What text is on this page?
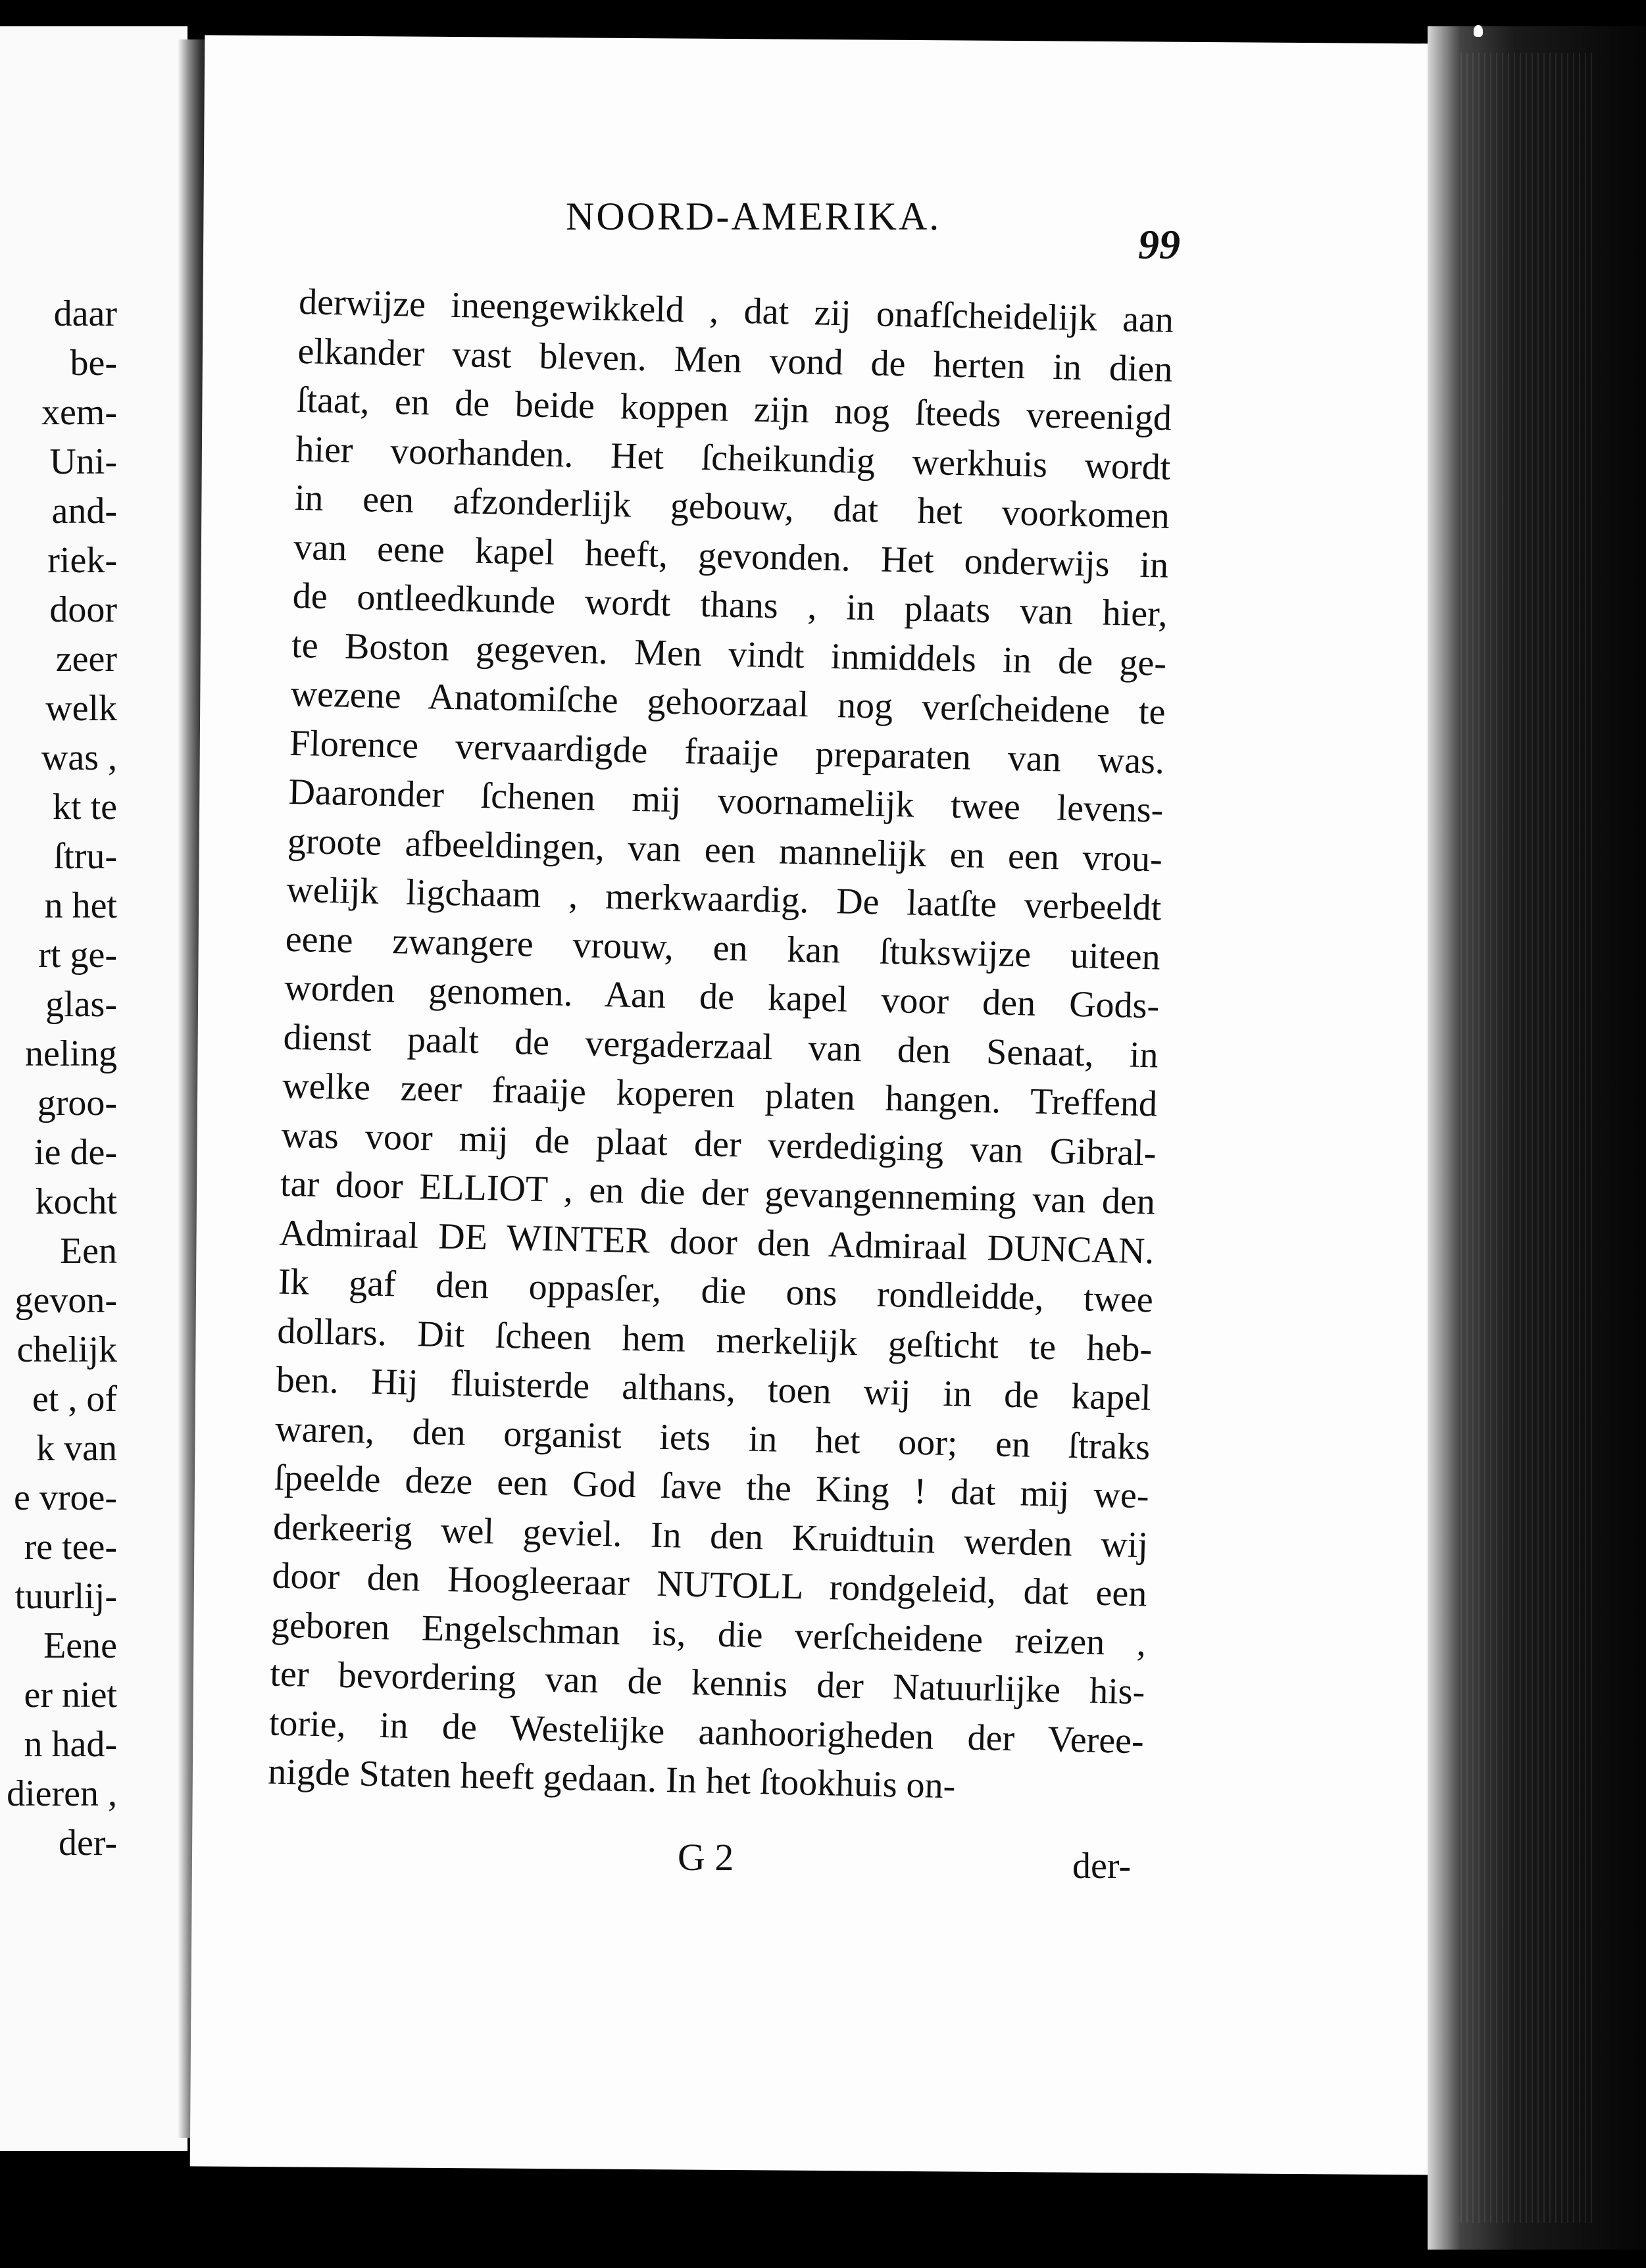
daar
be-
xem-
Uni-
and-
riek-
door
zeer
welk
was ,
kt te
ſtru-
n het
rt ge-
glas-
neling
groo-
ie de-
kocht
Een
gevon-
chelijk
et , of
k van
e vroe-
re tee-
tuurlij-
Eene
er niet
n had-
dieren ,
der-
NOORD-AMERIKA.
99
derwijze ineengewikkeld , dat zij onafſcheidelijk aan
elkander vast bleven. Men vond de herten in dien
ſtaat, en de beide koppen zijn nog ſteeds vereenigd
hier voorhanden. Het ſcheikundig werkhuis wordt
in een afzonderlijk gebouw, dat het voorkomen
van eene kapel heeft, gevonden. Het onderwijs in
de ontleedkunde wordt thans , in plaats van hier,
te Boston gegeven. Men vindt inmiddels in de ge-
wezene Anatomiſche gehoorzaal nog verſcheidene te
Florence vervaardigde fraaije preparaten van was.
Daaronder ſchenen mij voornamelijk twee levens-
groote afbeeldingen, van een mannelijk en een vrou-
welijk ligchaam , merkwaardig. De laatſte verbeeldt
eene zwangere vrouw, en kan ſtukswijze uiteen
worden genomen. Aan de kapel voor den Gods-
dienst paalt de vergaderzaal van den Senaat, in
welke zeer fraaije koperen platen hangen. Treffend
was voor mij de plaat der verdediging van Gibral-
tar door ELLIOT , en die der gevangenneming van den
Admiraal DE WINTER door den Admiraal DUNCAN.
Ik gaf den oppasſer, die ons rondleidde, twee
dollars. Dit ſcheen hem merkelijk geſticht te heb-
ben. Hij fluisterde althans, toen wij in de kapel
waren, den organist iets in het oor; en ſtraks
ſpeelde deze een God ſave the King ! dat mij we-
derkeerig wel geviel. In den Kruidtuin werden wij
door den Hoogleeraar NUTOLL rondgeleid, dat een
geboren Engelschman is, die verſcheidene reizen ,
ter bevordering van de kennis der Natuurlijke his-
torie, in de Westelijke aanhoorigheden der Veree-
nigde Staten heeft gedaan. In het ſtookhuis on-
G 2	der-
